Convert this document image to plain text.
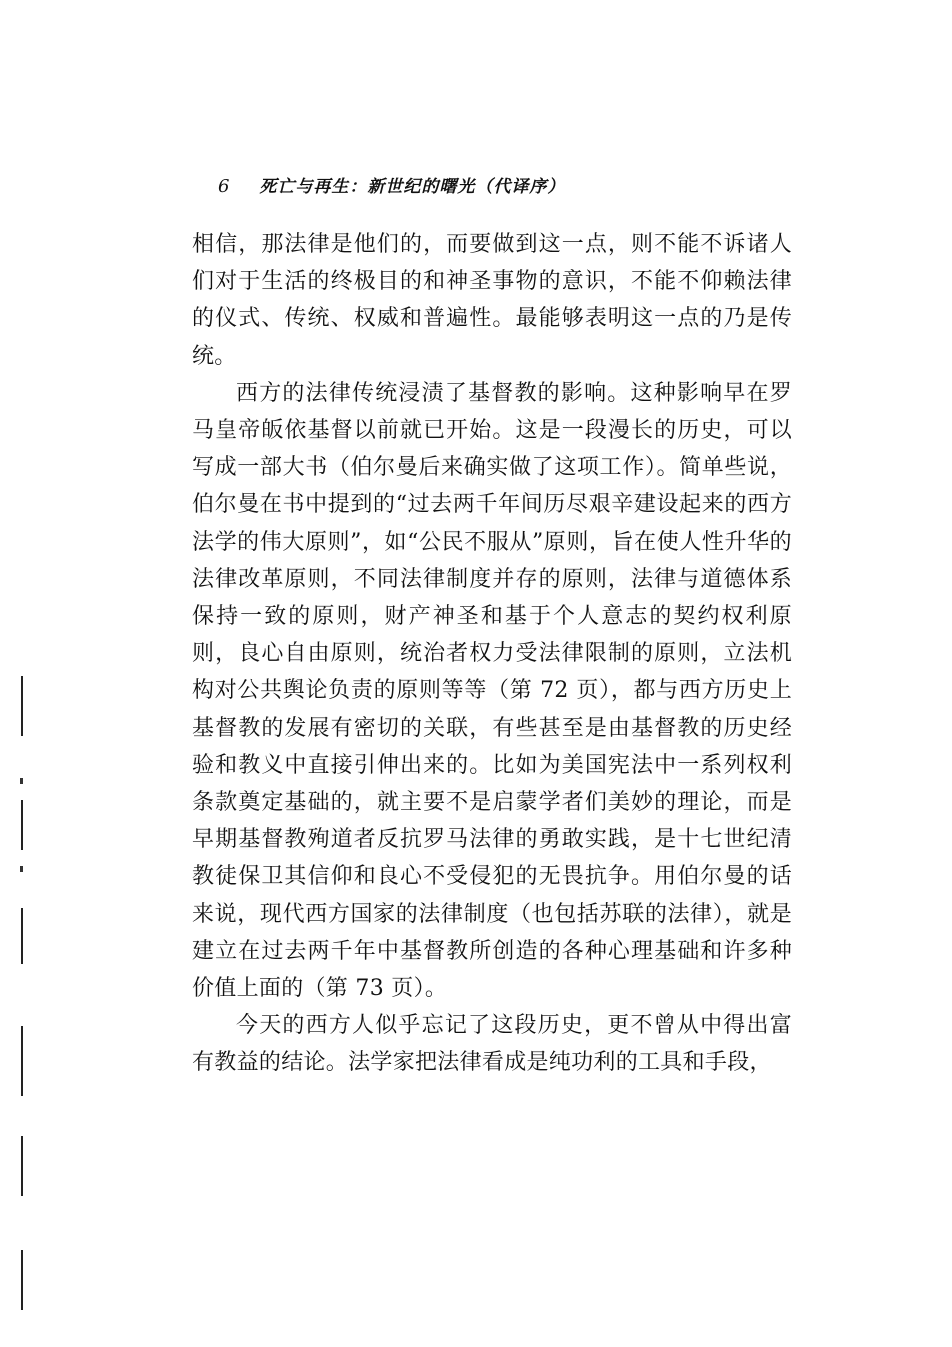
6 死亡与再生：新世纪的曙光（代译序）

相信，那法律是他们的，而要做到这一点，则不能不诉诸人们对于生活的终极目的和神圣事物的意识，不能不仰赖法律的仪式、传统、权威和普遍性。最能够表明这一点的乃是传统。

西方的法律传统浸渍了基督教的影响。这种影响早在罗马皇帝皈依基督以前就已开始。这是一段漫长的历史，可以写成一部大书（伯尔曼后来确实做了这项工作）。简单些说，伯尔曼在书中提到的“过去两千年间历尽艰辛建设起来的西方法学的伟大原则”，如“公民不服从”原则，旨在使人性升华的法律改革原则，不同法律制度并存的原则，法律与道德体系保持一致的原则，财产神圣和基于个人意志的契约权利原则，良心自由原则，统治者权力受法律限制的原则，立法机构对公共舆论负责的原则等等（第 72 页），都与西方历史上基督教的发展有密切的关联，有些甚至是由基督教的历史经验和教义中直接引伸出来的。比如为美国宪法中一系列权利条款奠定基础的，就主要不是启蒙学者们美妙的理论，而是早期基督教殉道者反抗罗马法律的勇敢实践，是十七世纪清教徒保卫其信仰和良心不受侵犯的无畏抗争。用伯尔曼的话来说，现代西方国家的法律制度（也包括苏联的法律），就是建立在过去两千年中基督教所创造的各种心理基础和许多种价值上面的（第 73 页）。

今天的西方人似乎忘记了这段历史，更不曾从中得出富有教益的结论。法学家把法律看成是纯功利的工具和手段，
